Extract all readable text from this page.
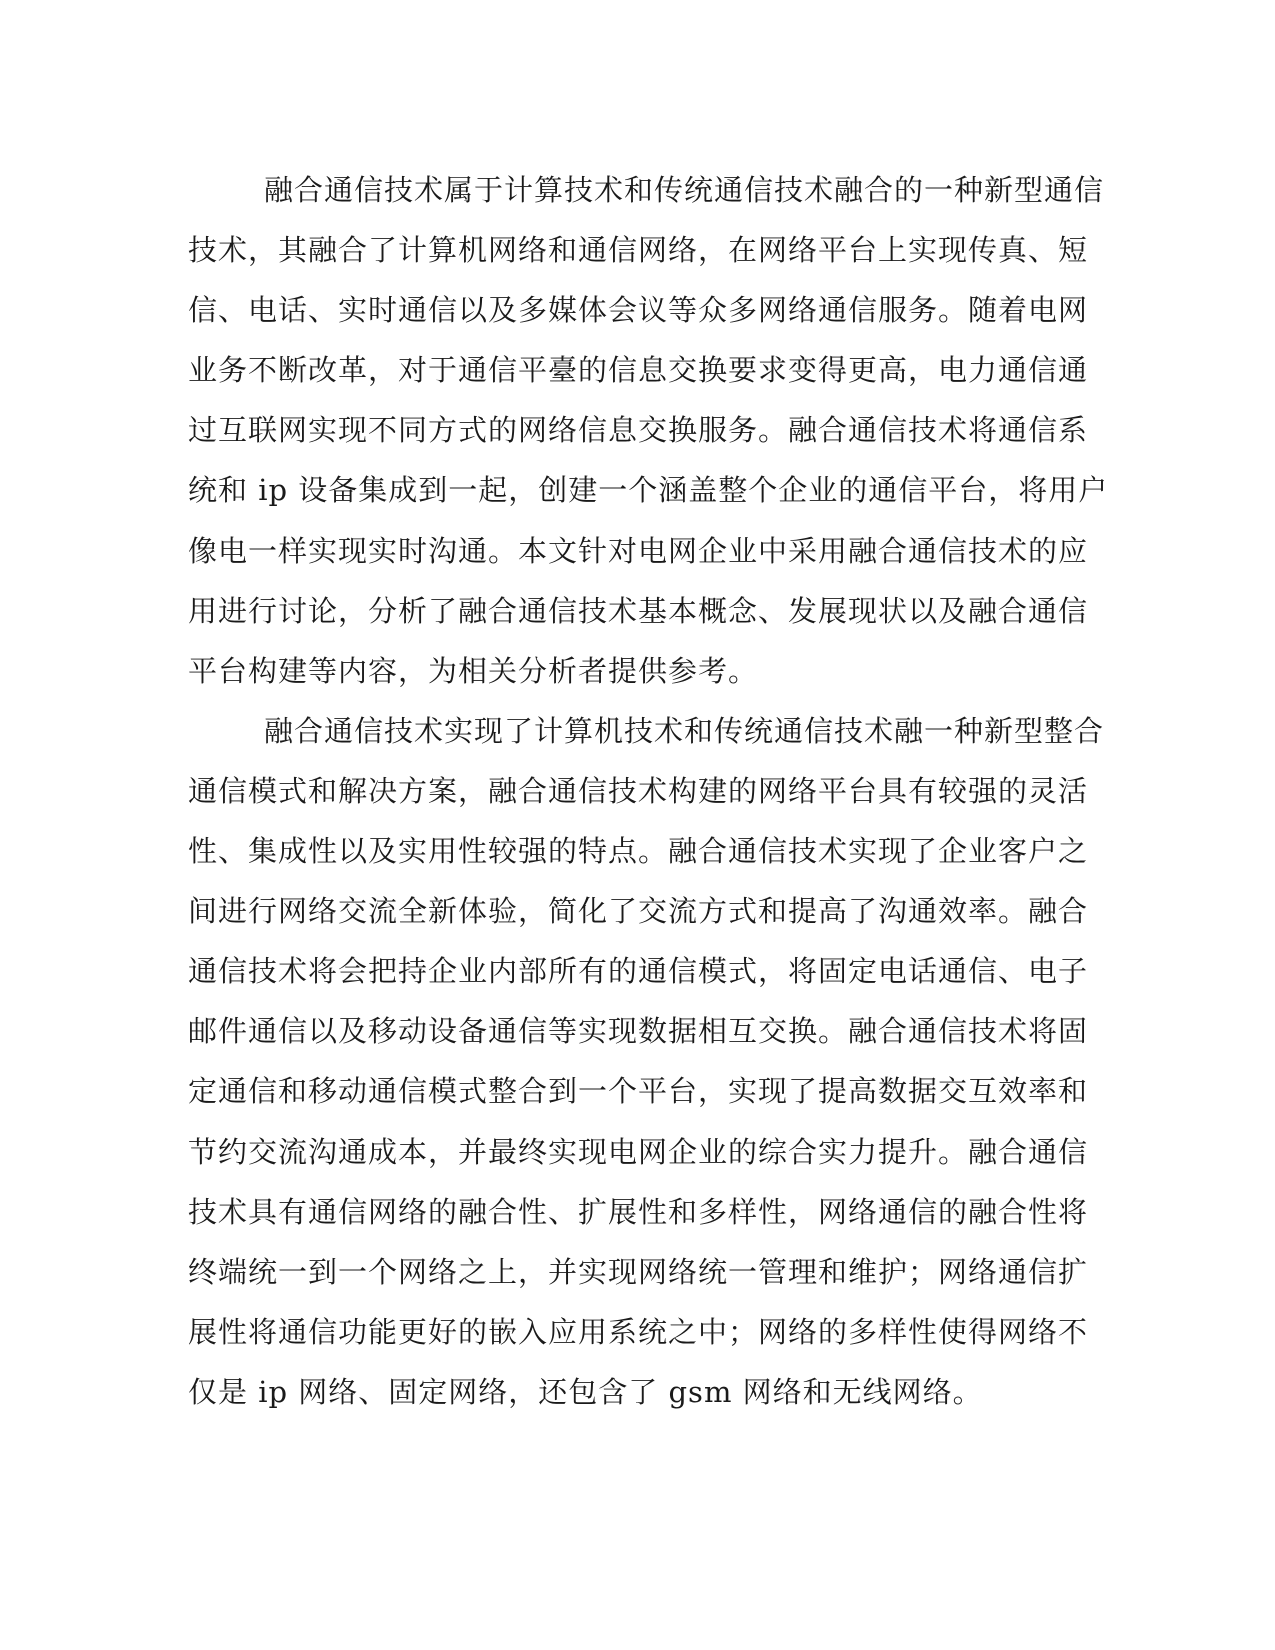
融合通信技术属于计算技术和传统通信技术融合的一种新型通信
技术，其融合了计算机网络和通信网络，在网络平台上实现传真、短
信、电话、实时通信以及多媒体会议等众多网络通信服务。随着电网
业务不断改革，对于通信平臺的信息交换要求变得更高，电力通信通
过互联网实现不同方式的网络信息交换服务。融合通信技术将通信系
统和 ip 设备集成到一起，创建一个涵盖整个企业的通信平台，将用户
像电一样实现实时沟通。本文针对电网企业中采用融合通信技术的应
用进行讨论，分析了融合通信技术基本概念、发展现状以及融合通信
平台构建等内容，为相关分析者提供参考。
融合通信技术实现了计算机技术和传统通信技术融一种新型整合
通信模式和解决方案，融合通信技术构建的网络平台具有较强的灵活
性、集成性以及实用性较强的特点。融合通信技术实现了企业客户之
间进行网络交流全新体验，简化了交流方式和提高了沟通效率。融合
通信技术将会把持企业内部所有的通信模式，将固定电话通信、电子
邮件通信以及移动设备通信等实现数据相互交换。融合通信技术将固
定通信和移动通信模式整合到一个平台，实现了提高数据交互效率和
节约交流沟通成本，并最终实现电网企业的综合实力提升。融合通信
技术具有通信网络的融合性、扩展性和多样性，网络通信的融合性将
终端统一到一个网络之上，并实现网络统一管理和维护；网络通信扩
展性将通信功能更好的嵌入应用系统之中；网络的多样性使得网络不
仅是 ip 网络、固定网络，还包含了 gsm 网络和无线网络。
